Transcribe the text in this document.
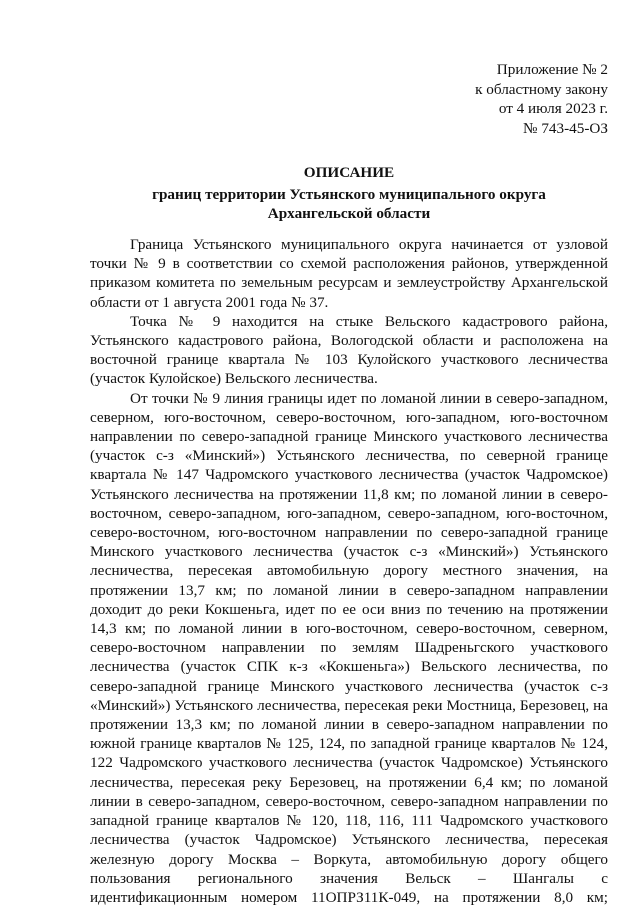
Приложение № 2
к областному закону
от 4 июля 2023 г.
№ 743-45-ОЗ
ОПИСАНИЕ
границ территории Устьянского муниципального округа
Архангельской области

Граница Устьянского муниципального округа начинается от узловой точки № 9 в соответствии со схемой расположения районов, утвержденной приказом комитета по земельным ресурсам и землеустройству Архангельской области от 1 августа 2001 года № 37.

Точка № 9 находится на стыке Вельского кадастрового района, Устьянского кадастрового района, Вологодской области и расположена на восточной границе квартала № 103 Кулойского участкового лесничества (участок Кулойское) Вельского лесничества.

От точки № 9 линия границы идет по ломаной линии в северо-западном, северном, юго-восточном, северо-восточном, юго-западном, юго-восточном направлении по северо-западной границе Минского участкового лесничества (участок с-з «Минский») Устьянского лесничества, по северной границе квартала № 147 Чадромского участкового лесничества (участок Чадромское) Устьянского лесничества на протяжении 11,8 км; по ломаной линии в северо-восточном, северо-западном, юго-западном, северо-западном, юго-восточном, северо-восточном, юго-восточном направлении по северо-западной границе Минского участкового лесничества (участок с-з «Минский») Устьянского лесничества, пересекая автомобильную дорогу местного значения, на протяжении 13,7 км; по ломаной линии в северо-западном направлении доходит до реки Кокшеньга, идет по ее оси вниз по течению на протяжении 14,3 км; по ломаной линии в юго-восточном, северо-восточном, северном, северо-восточном направлении по землям Шадреньгского участкового лесничества (участок СПК к-з «Кокшеньга») Вельского лесничества, по северо-западной границе Минского участкового лесничества (участок с-з «Минский») Устьянского лесничества, пересекая реки Мостница, Березовец, на протяжении 13,3 км; по ломаной линии в северо-западном направлении по южной границе кварталов № 125, 124, по западной границе кварталов № 124, 122 Чадромского участкового лесничества (участок Чадромское) Устьянского лесничества, пересекая реку Березовец, на протяжении 6,4 км; по ломаной линии в северо-западном, северо-восточном, северо-западном направлении по западной границе кварталов № 120, 118, 116, 111 Чадромского участкового лесничества (участок Чадромское) Устьянского лесничества, пересекая железную дорогу Москва – Воркута, автомобильную дорогу общего пользования регионального значения Вельск – Шангалы с идентификационным номером 11ОПРЗ11К-049, на протяжении 8,0 км;
